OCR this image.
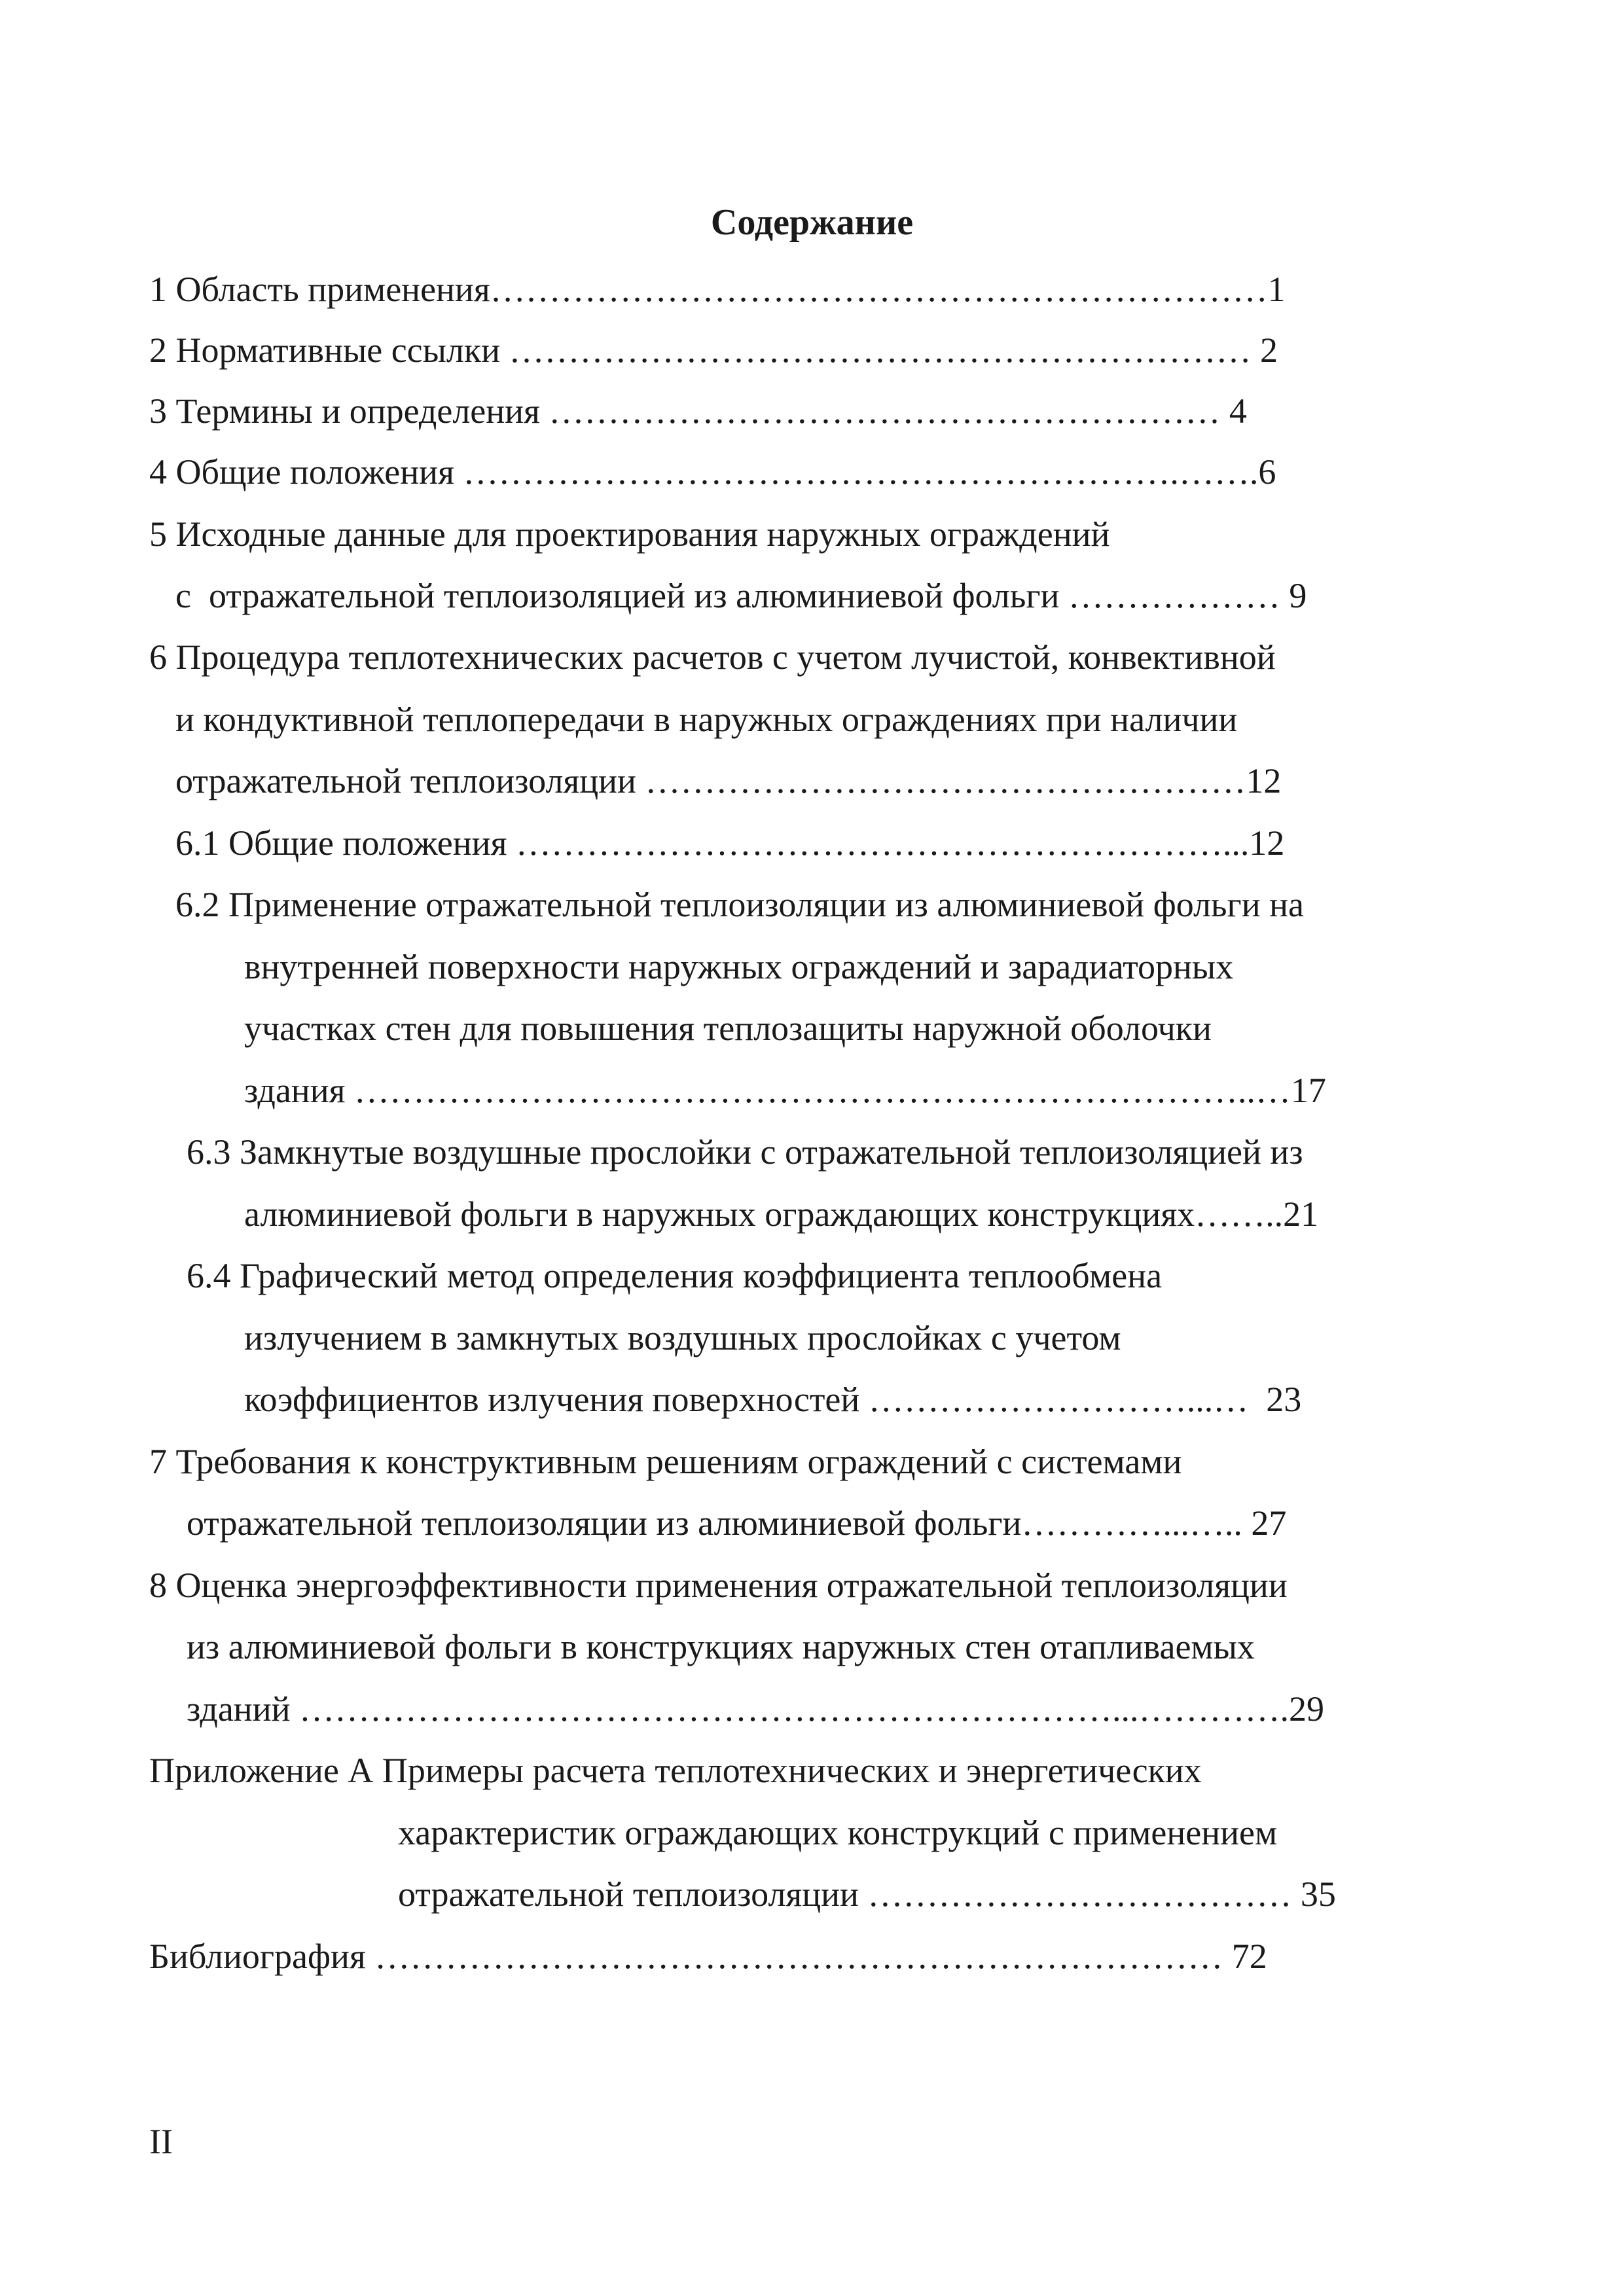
Содержание
1 Область применения…………………………………………………………1
2 Нормативные ссылки ……………………………………………………… 2
3 Термины и определения ………………………………………………… 4
4 Общие положения …………………………………………………….…….6
5 Исходные данные для проектирования наружных ограждений
с  отражательной теплоизоляцией из алюминиевой фольги ……………… 9
6 Процедура теплотехнических расчетов с учетом лучистой, конвективной
и кондуктивной теплопередачи в наружных ограждениях при наличии
отражательной теплоизоляции ……………………………………………12
6.1 Общие положения ……………………………………………………...12
6.2 Применение отражательной теплоизоляции из алюминиевой фольги на
внутренней поверхности наружных ограждений и зарадиаторных
участках стен для повышения теплозащиты наружной оболочки
здания …………………………………………………………………..…17
6.3 Замкнутые воздушные прослойки с отражательной теплоизоляцией из
алюминиевой фольги в наружных ограждающих конструкциях……..21
6.4 Графический метод определения коэффициента теплообмена
излучением в замкнутых воздушных прослойках с учетом
коэффициентов излучения поверхностей ………………………...…  23
7 Требования к конструктивным решениям ограждений с системами
отражательной теплоизоляции из алюминиевой фольги…………...….. 27
8 Оценка энергоэффективности применения отражательной теплоизоляции
из алюминиевой фольги в конструкциях наружных стен отапливаемых
зданий ……………………………………………………………...………….29
Приложение А Примеры расчета теплотехнических и энергетических
характеристик ограждающих конструкций с применением
отражательной теплоизоляции ……………………………… 35
Библиография ……………………………………………………………… 72
II
